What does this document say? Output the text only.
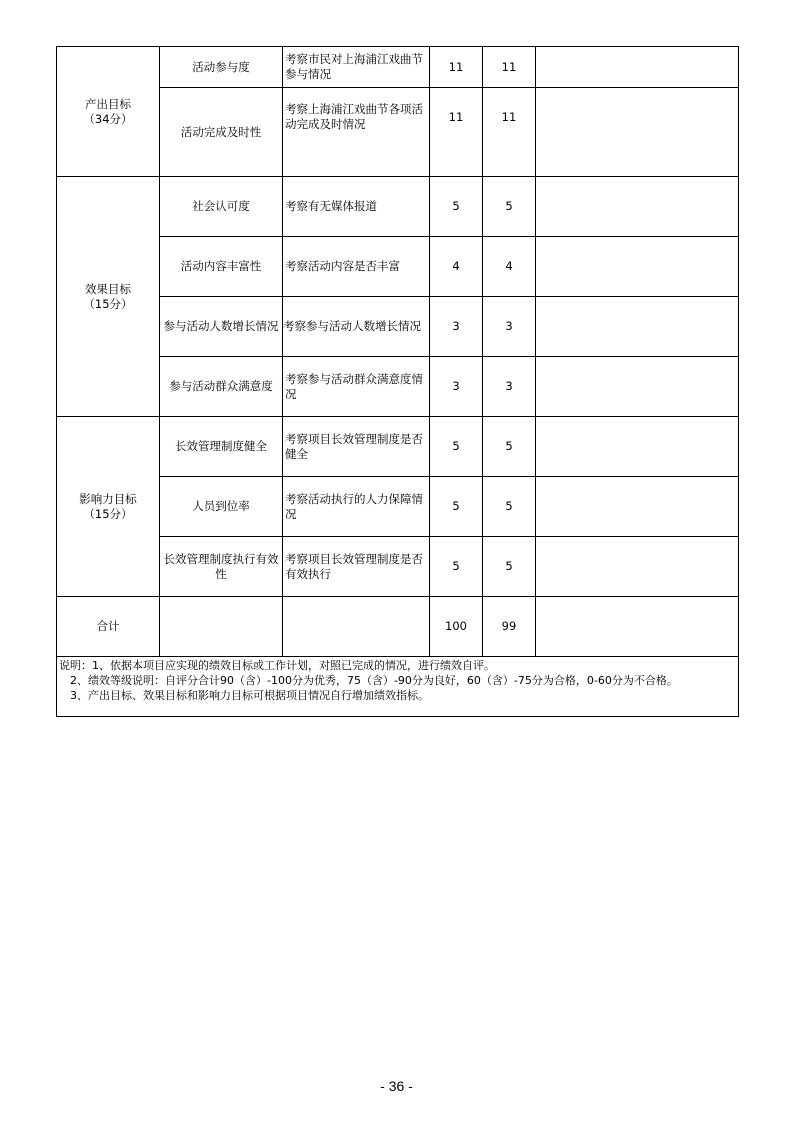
产出目标
（34分）	活动参与度	考察市民对上海浦江戏曲节参与情况	11	11	
	活动完成及时性	考察上海浦江戏曲节各项活动完成及时情况	11	11	
效果目标
（15分）	社会认可度	考察有无媒体报道	5	5	
	活动内容丰富性	考察活动内容是否丰富	4	4	
	参与活动人数增长情况	考察参与活动人数增长情况	3	3	
	参与活动群众满意度	考察参与活动群众满意度情况	3	3	
影响力目标
（15分）	长效管理制度健全	考察项目长效管理制度是否健全	5	5	
	人员到位率	考察活动执行的人力保障情况	5	5	
	长效管理制度执行有效性	考察项目长效管理制度是否有效执行	5	5	
合计			100	99	

说明：1、依据本项目应实现的绩效目标或工作计划，对照已完成的情况，进行绩效自评。
　2、绩效等级说明：自评分合计90（含）-100分为优秀，75（含）-90分为良好，60（含）-75分为合格，0-60分为不合格。
　3、产出目标、效果目标和影响力目标可根据项目情况自行增加绩效指标。					
- 36 -
